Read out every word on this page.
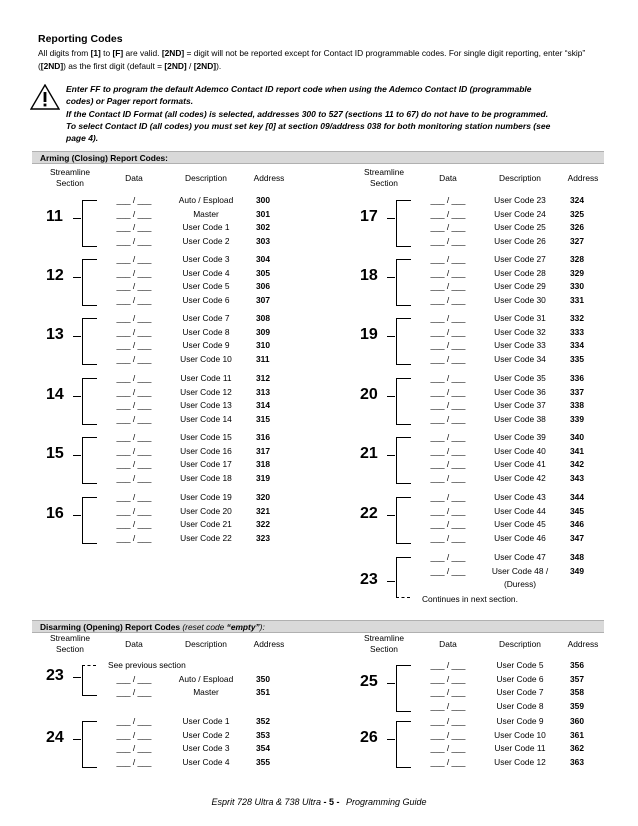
Reporting Codes
All digits from [1] to [F] are valid. [2ND] = digit will not be reported except for Contact ID programmable codes. For single digit reporting, enter “skip” ([2ND]) as the first digit (default = [2ND] / [2ND]).
Enter FF to program the default Ademco Contact ID report code when using the Ademco Contact ID (programmable
codes) or Pager report formats.
If the Contact ID Format (all codes) is selected, addresses 300 to 527 (sections 11 to 67) do not have to be programmed.
To select Contact ID (all codes) you must set key [0] at section 09/address 038 for both monitoring station numbers (see
page 4).
Arming (Closing) Report Codes:
Streamline
Section	Data	Description	Address
Streamline
Section	Data	Description	Address
11
___ / ___	Auto / Espload	300
___ / ___	Master	301
___ / ___	User Code 1	302
___ / ___	User Code 2	303
12
___ / ___	User Code 3	304
___ / ___	User Code 4	305
___ / ___	User Code 5	306
___ / ___	User Code 6	307
13
___ / ___	User Code 7	308
___ / ___	User Code 8	309
___ / ___	User Code 9	310
___ / ___	User Code 10	311
14
___ / ___	User Code 11	312
___ / ___	User Code 12	313
___ / ___	User Code 13	314
___ / ___	User Code 14	315
15
___ / ___	User Code 15	316
___ / ___	User Code 16	317
___ / ___	User Code 17	318
___ / ___	User Code 18	319
16
___ / ___	User Code 19	320
___ / ___	User Code 20	321
___ / ___	User Code 21	322
___ / ___	User Code 22	323
17
___ / ___	User Code 23	324
___ / ___	User Code 24	325
___ / ___	User Code 25	326
___ / ___	User Code 26	327
18
___ / ___	User Code 27	328
___ / ___	User Code 28	329
___ / ___	User Code 29	330
___ / ___	User Code 30	331
19
___ / ___	User Code 31	332
___ / ___	User Code 32	333
___ / ___	User Code 33	334
___ / ___	User Code 34	335
20
___ / ___	User Code 35	336
___ / ___	User Code 36	337
___ / ___	User Code 37	338
___ / ___	User Code 38	339
21
___ / ___	User Code 39	340
___ / ___	User Code 40	341
___ / ___	User Code 41	342
___ / ___	User Code 42	343
22
___ / ___	User Code 43	344
___ / ___	User Code 44	345
___ / ___	User Code 45	346
___ / ___	User Code 46	347
23
___ / ___	User Code 47	348
___ / ___	User Code 48 /	349
(Duress)
Continues in next section.
Disarming (Opening) Report Codes (reset code “empty”):
Streamline
Section	Data	Description	Address
Streamline
Section	Data	Description	Address
23
See previous section
___ / ___	Auto / Espload	350
___ / ___	Master	351
24
___ / ___	User Code 1	352
___ / ___	User Code 2	353
___ / ___	User Code 3	354
___ / ___	User Code 4	355
25
___ / ___	User Code 5	356
___ / ___	User Code 6	357
___ / ___	User Code 7	358
___ / ___	User Code 8	359
26
___ / ___	User Code 9	360
___ / ___	User Code 10	361
___ / ___	User Code 11	362
___ / ___	User Code 12	363
Esprit 728 Ultra & 738 Ultra - 5 - Programming Guide
